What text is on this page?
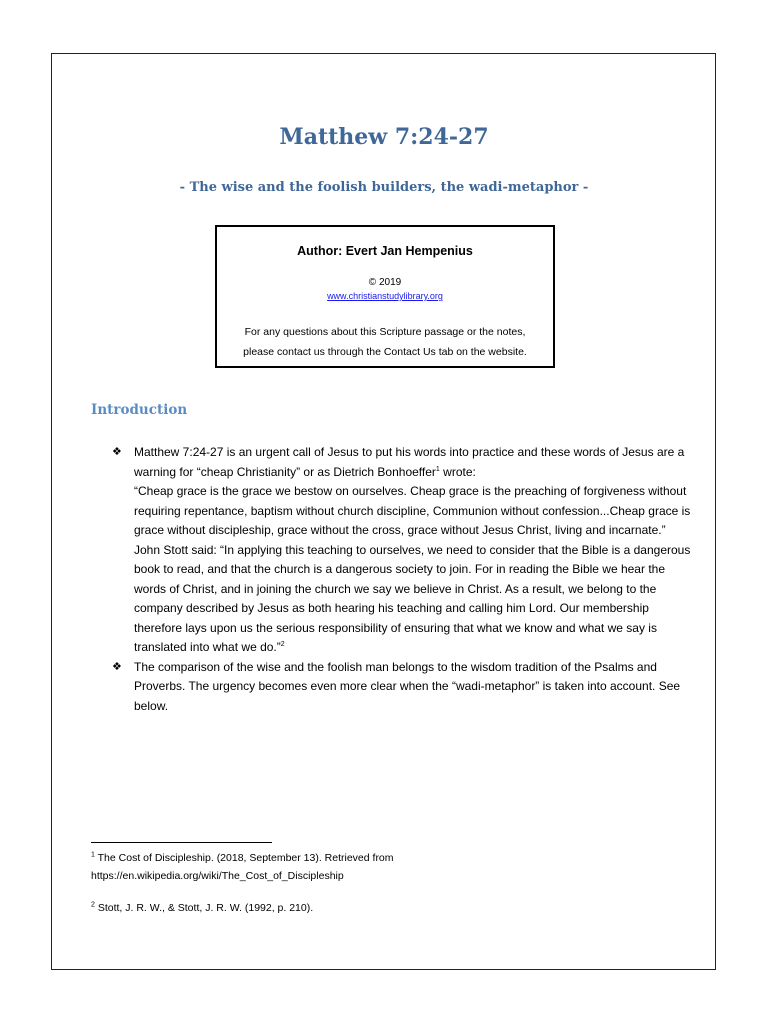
Matthew 7:24-27
- The wise and the foolish builders, the wadi-metaphor -
Author: Evert Jan Hempenius
© 2019
www.christianstudylibrary.org
For any questions about this Scripture passage or the notes,
please contact us through the Contact Us tab on the website.
Introduction
❖ Matthew 7:24-27 is an urgent call of Jesus to put his words into practice and these words of Jesus are a warning for “cheap Christianity” or as Dietrich Bonhoeffer$^1$ wrote:

“Cheap grace is the grace we bestow on ourselves. Cheap grace is the preaching of forgiveness without requiring repentance, baptism without church discipline, Communion without confession...Cheap grace is grace without discipleship, grace without the cross, grace without Jesus Christ, living and incarnate.”

John Stott said: “In applying this teaching to ourselves, we need to consider that the Bible is a dangerous book to read, and that the church is a dangerous society to join. For in reading the Bible we hear the words of Christ, and in joining the church we say we believe in Christ. As a result, we belong to the company described by Jesus as both hearing his teaching and calling him Lord. Our membership therefore lays upon us the serious responsibility of ensuring that what we know and what we say is translated into what we do.”$^2$

❖ The comparison of the wise and the foolish man belongs to the wisdom tradition of the Psalms and Proverbs. The urgency becomes even more clear when the “wadi-metaphor” is taken into account. See below.

$^1$ The Cost of Discipleship. (2018, September 13). Retrieved from
https://en.wikipedia.org/wiki/The_Cost_of_Discipleship
$^2$ Stott, J. R. W., & Stott, J. R. W. (1992, p. 210).
